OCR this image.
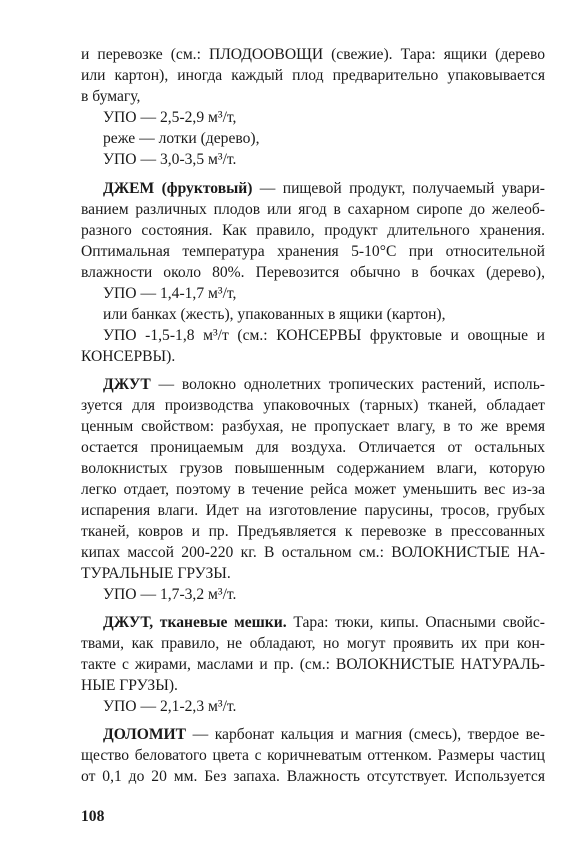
и перевозке (см.: ПЛОДООВОЩИ (свежие). Тара: ящики (дерево
или картон), иногда каждый плод предварительно упаковывается
в бумагу,
УПО — 2,5-2,9 м³/т,
реже — лотки (дерево),
УПО — 3,0-3,5 м³/т.
ДЖЕМ (фруктовый) — пищевой продукт, получаемый увари-
ванием различных плодов или ягод в сахарном сиропе до желеоб-
разного состояния. Как правило, продукт длительного хранения.
Оптимальная температура хранения 5-10°С при относительной
влажности около 80%. Перевозится обычно в бочках (дерево),
УПО — 1,4-1,7 м³/т,
или банках (жесть), упакованных в ящики (картон),
УПО -1,5-1,8 м³/т (см.: КОНСЕРВЫ фруктовые и овощные и
КОНСЕРВЫ).
ДЖУТ — волокно однолетних тропических растений, исполь-
зуется для производства упаковочных (тарных) тканей, обладает
ценным свойством: разбухая, не пропускает влагу, в то же время
остается проницаемым для воздуха. Отличается от остальных
волокнистых грузов повышенным содержанием влаги, которую
легко отдает, поэтому в течение рейса может уменьшить вес из-за
испарения влаги. Идет на изготовление парусины, тросов, грубых
тканей, ковров и пр. Предъявляется к перевозке в прессованных
кипах массой 200-220 кг. В остальном см.: ВОЛОКНИСТЫЕ НА-
ТУРАЛЬНЫЕ ГРУЗЫ.
УПО — 1,7-3,2 м³/т.
ДЖУТ, тканевые мешки. Тара: тюки, кипы. Опасными свойс-
твами, как правило, не обладают, но могут проявить их при кон-
такте с жирами, маслами и пр. (см.: ВОЛОКНИСТЫЕ НАТУРАЛЬ-
НЫЕ ГРУЗЫ).
УПО — 2,1-2,3 м³/т.
ДОЛОМИТ — карбонат кальция и магния (смесь), твердое ве-
щество беловатого цвета с коричневатым оттенком. Размеры частиц
от 0,1 до 20 мм. Без запаха. Влажность отсутствует. Используется
108
